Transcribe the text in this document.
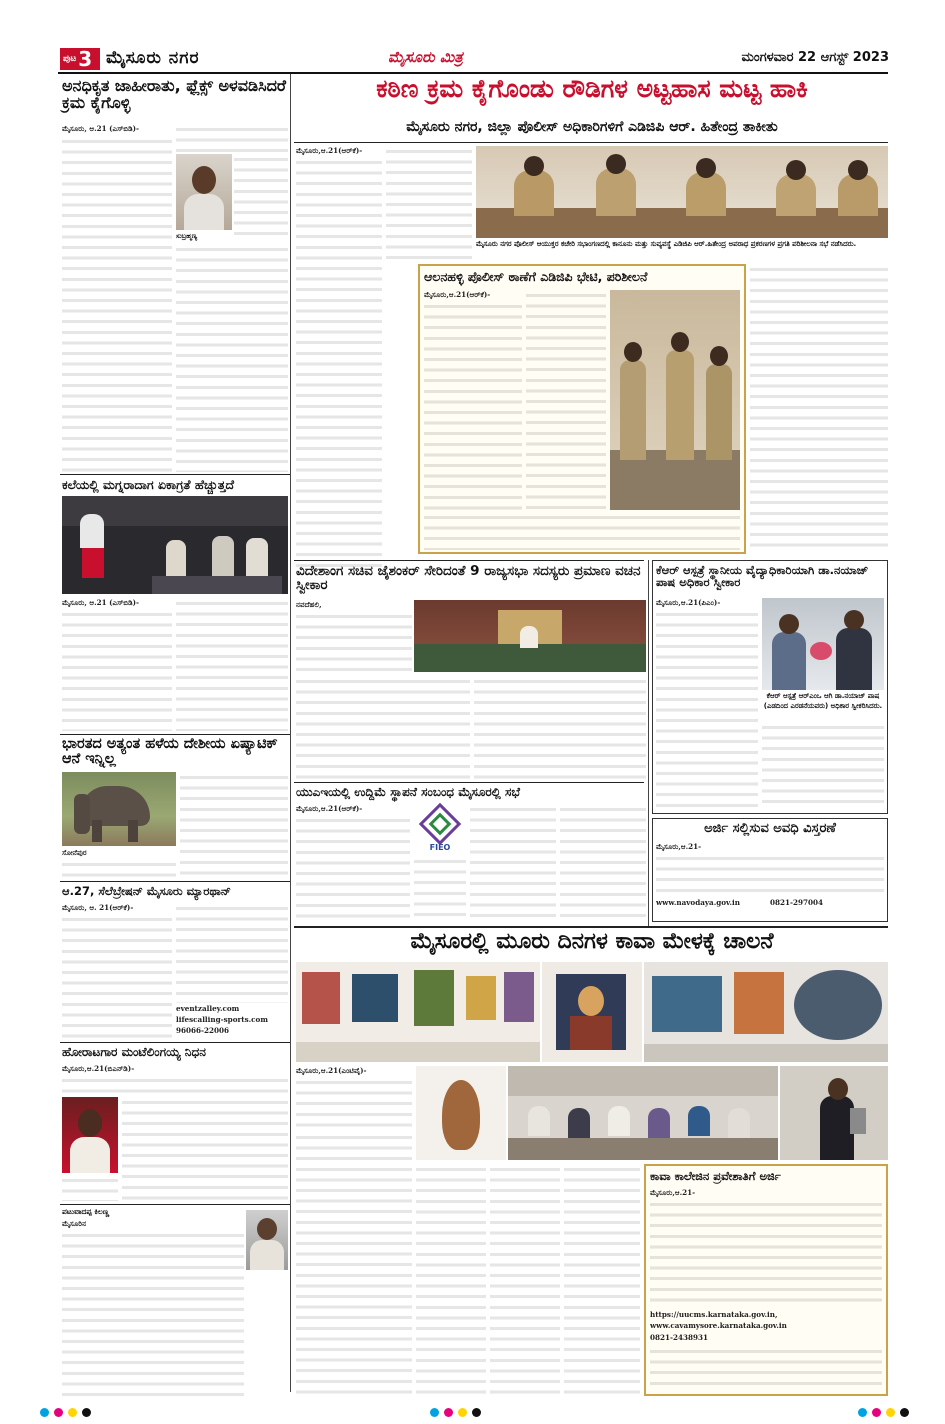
ಪುಟ 3 ಮೈಸೂರು ನಗರ	ಮೈಸೂರು ಮಿತ್ರ	ಮಂಗಳವಾರ 22 ಆಗಸ್ಟ್ 2023
ಅನಧಿಕೃತ ಜಾಹೀರಾತು, ಫ್ಲೆಕ್ಸ್ ಅಳವಡಿಸಿದರೆ ಕ್ರಮ ಕೈಗೊಳ್ಳಿ
ಮೈಸೂರು, ಆ.21 (ಎಸ್‌ಬಿಡಿ)-
ಸುಬ್ರಹ್ಮಣ್ಯ
ಕಲೆಯಲ್ಲಿ ಮಗ್ನರಾದಾಗ ಏಕಾಗ್ರತೆ ಹೆಚ್ಚುತ್ತದೆ
ಮೈಸೂರು, ಆ.21 (ಎಸ್‌ಬಿಡಿ)-
ಭಾರತದ ಅತ್ಯಂತ ಹಳೆಯ ದೇಶೀಯ ಏಷ್ಯಾಟಿಕ್ ಆನೆ ಇನ್ನಿಲ್ಲ
ಸೋನೆಪುರ
ಆ.27, ಸೆಲೆಬ್ರೇಷನ್ ಮೈಸೂರು ಮ್ಯಾರಥಾನ್
ಮೈಸೂರು, ಆ. 21(ಆರ್‌ಕೆ)-
eventzalley.com
lifescalling-sports.com
96066-22006
ಹೋರಾಟಗಾರ ಮಂಟೆಲಿಂಗಯ್ಯ ನಿಧನ
ಮೈಸೂರು,ಆ.21(ಬಿಎನ್‌ಡಿ)-
ಪಟುವಾದಪ್ಪ ಕಿಲಣ್ಣ
ಮೈಸೂರಿನ
ಕಠಿಣ ಕ್ರಮ ಕೈಗೊಂಡು ರೌಡಿಗಳ ಅಟ್ಟಹಾಸ ಮಟ್ಟ ಹಾಕಿ
ಮೈಸೂರು ನಗರ, ಜಿಲ್ಲಾ ಪೊಲೀಸ್ ಅಧಿಕಾರಿಗಳಿಗೆ ಎಡಿಜಿಪಿ ಆರ್. ಹಿತೇಂದ್ರ ತಾಕೀತು
ಮೈಸೂರು,ಆ.21(ಆರ್‌ಕೆ)-
ಮೈಸೂರು ನಗರ ಪೊಲೀಸ್ ಆಯುಕ್ತರ ಕಚೇರಿ ಸಭಾಂಗಣದಲ್ಲಿ ಕಾನೂನು ಮತ್ತು ಸುವ್ಯವಸ್ಥೆ ಎಡಿಜಿಪಿ ಆರ್.ಹಿತೇಂದ್ರ ಅಪರಾಧ ಪ್ರಕರಣಗಳ ಪ್ರಗತಿ ಪರಿಶೀಲನಾ ಸಭೆ ನಡೆಸಿದರು.
ಆಲನಹಳ್ಳಿ ಪೊಲೀಸ್ ಠಾಣೆಗೆ ಎಡಿಜಿಪಿ ಭೇಟಿ, ಪರಿಶೀಲನೆ
ಮೈಸೂರು,ಆ.21(ಆರ್‌ಕೆ)-
ವಿದೇಶಾಂಗ ಸಚಿವ ಜೈಶಂಕರ್ ಸೇರಿದಂತೆ 9 ರಾಜ್ಯಸಭಾ ಸದಸ್ಯರು ಪ್ರಮಾಣ ವಚನ ಸ್ವೀಕಾರ
ನವದೆಹಲಿ,
ಯುಎಇಯಲ್ಲಿ ಉದ್ದಿಮೆ ಸ್ಥಾಪನೆ ಸಂಬಂಧ ಮೈಸೂರಲ್ಲಿ ಸಭೆ
ಮೈಸೂರು,ಆ.21(ಆರ್‌ಕೆ)-
FIEO
ಕೆಆರ್ ಆಸ್ಪತ್ರೆ ಸ್ಥಾನೀಯ ವೈದ್ಯಾಧಿಕಾರಿಯಾಗಿ ಡಾ.ನಯಾಜ್ ಪಾಷ ಅಧಿಕಾರ ಸ್ವೀಕಾರ
ಮೈಸೂರು,ಆ.21(ಪಿಎಂ)-
ಕೆಆರ್ ಆಸ್ಪತ್ರೆ ಆರ್‌ಎಂಒ ಆಗಿ ಡಾ.ನಯಾಜ್ ಪಾಷ (ಎಡದಿಂದ ಎರಡನೆಯವರು) ಅಧಿಕಾರ ಸ್ವೀಕರಿಸಿದರು.
ಅರ್ಜಿ ಸಲ್ಲಿಸುವ ಅವಧಿ ವಿಸ್ತರಣೆ
ಮೈಸೂರು,ಆ.21-
www.navodaya.gov.in	0821-297004
ಮೈಸೂರಲ್ಲಿ ಮೂರು ದಿನಗಳ ಕಾವಾ ಮೇಳಕ್ಕೆ ಚಾಲನೆ
ಮೈಸೂರು,ಆ.21(ಎಂಟಿವೈ)-
ಕಾವಾ ಕಾಲೇಜಿನ ಪ್ರವೇಶಾತಿಗೆ ಅರ್ಜಿ
ಮೈಸೂರು,ಆ.21-
https://uucms.karnataka.gov.in, www.cavamysore.karnataka.gov.in
0821-2438931
